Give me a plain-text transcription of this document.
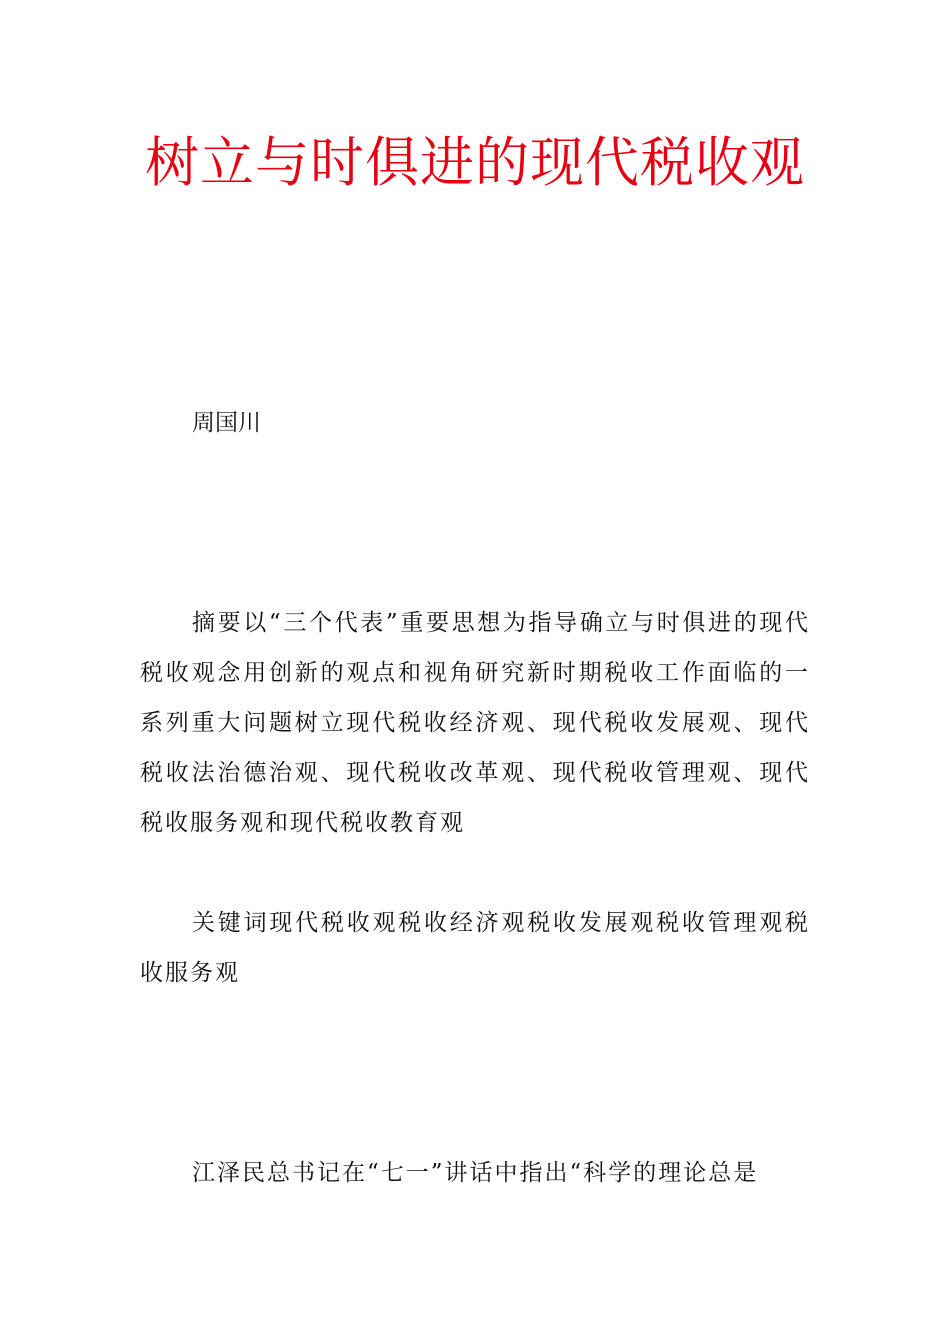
树立与时俱进的现代税收观
周国川

摘要以“三个代表”重要思想为指导确立与时俱进的现代税收观念用创新的观点和视角研究新时期税收工作面临的一系列重大问题树立现代税收经济观、现代税收发展观、现代税收法治德治观、现代税收改革观、现代税收管理观、现代税收服务观和现代税收教育观

关键词现代税收观税收经济观税收发展观税收管理观税收服务观

江泽民总书记在“七一”讲话中指出“科学的理论总是
